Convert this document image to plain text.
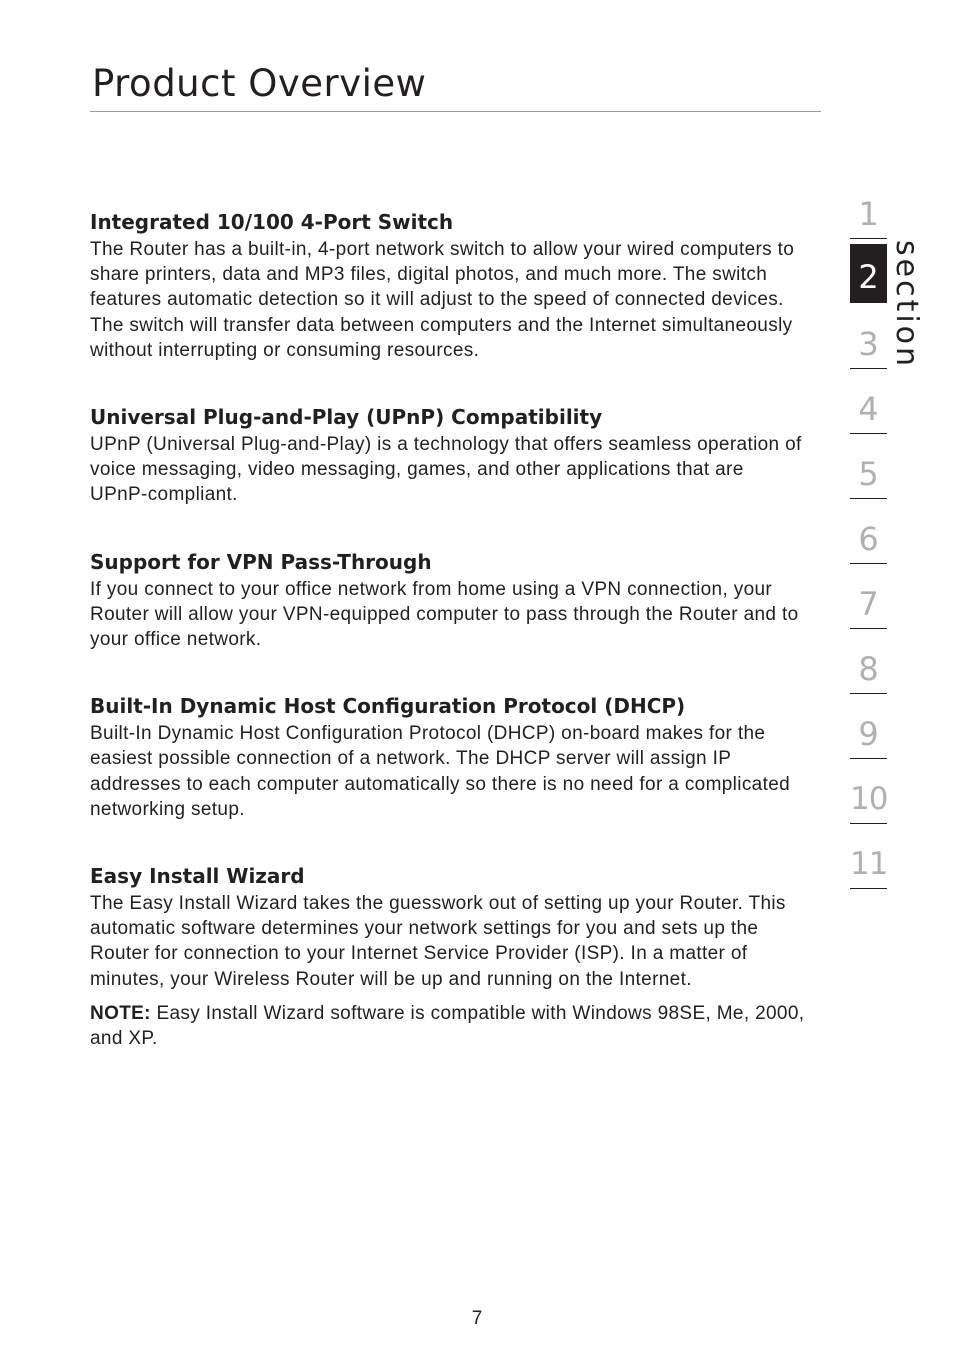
Product Overview
Integrated 10/100 4-Port Switch

The Router has a built-in, 4-port network switch to allow your wired computers to share printers, data and MP3 files, digital photos, and much more. The switch features automatic detection so it will adjust to the speed of connected devices. The switch will transfer data between computers and the Internet simultaneously without interrupting or consuming resources.

Universal Plug-and-Play (UPnP) Compatibility

UPnP (Universal Plug-and-Play) is a technology that offers seamless operation of voice messaging, video messaging, games, and other applications that are UPnP-compliant.

Support for VPN Pass-Through

If you connect to your office network from home using a VPN connection, your Router will allow your VPN-equipped computer to pass through the Router and to your office network.

Built-In Dynamic Host Configuration Protocol (DHCP)

Built-In Dynamic Host Configuration Protocol (DHCP) on-board makes for the easiest possible connection of a network. The DHCP server will assign IP addresses to each computer automatically so there is no need for a complicated networking setup.

Easy Install Wizard

The Easy Install Wizard takes the guesswork out of setting up your Router. This automatic software determines your network settings for you and sets up the Router for connection to your Internet Service Provider (ISP). In a matter of minutes, your Wireless Router will be up and running on the Internet.

NOTE: Easy Install Wizard software is compatible with Windows 98SE, Me, 2000, and XP.

1
2
3
4
5
6
7
8
9
10
11
section
7
